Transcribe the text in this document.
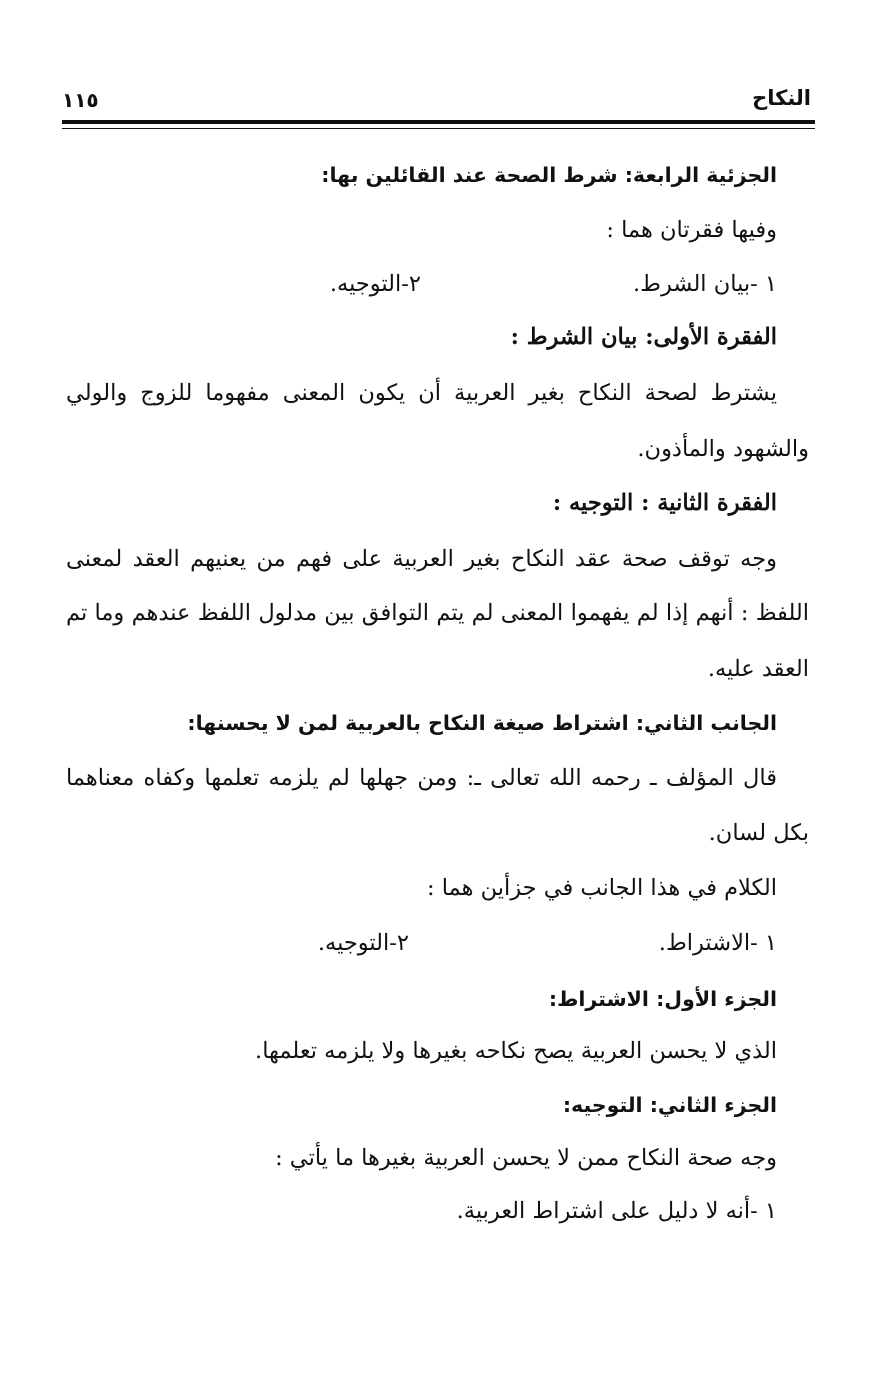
النكاح
١١٥
الجزئية الرابعة: شرط الصحة عند القائلين بها:
وفيها فقرتان هما :
١ -بيان الشرط.
٢-التوجيه.
الفقرة الأولى: بيان الشرط :
يشترط لصحة النكاح بغير العربية أن يكون المعنى مفهوما للزوج والولي
والشهود والمأذون.
الفقرة الثانية : التوجيه :
وجه توقف صحة عقد النكاح بغير العربية على فهم من يعنيهم العقد لمعنى
اللفظ : أنهم إذا لم يفهموا المعنى لم يتم التوافق بين مدلول اللفظ عندهم وما تم
العقد عليه.
الجانب الثاني: اشتراط صيغة النكاح بالعربية لمن لا يحسنها:
قال المؤلف ـ رحمه الله تعالى ـ: ومن جهلها لم يلزمه تعلمها وكفاه معناهما
بكل لسان.
الكلام في هذا الجانب في جزأين هما :
١ -الاشتراط.
٢-التوجيه.
الجزء الأول: الاشتراط:
الذي لا يحسن العربية يصح نكاحه بغيرها ولا يلزمه تعلمها.
الجزء الثاني: التوجيه:
وجه صحة النكاح ممن لا يحسن العربية بغيرها ما يأتي :
١ -أنه لا دليل على اشتراط العربية.
